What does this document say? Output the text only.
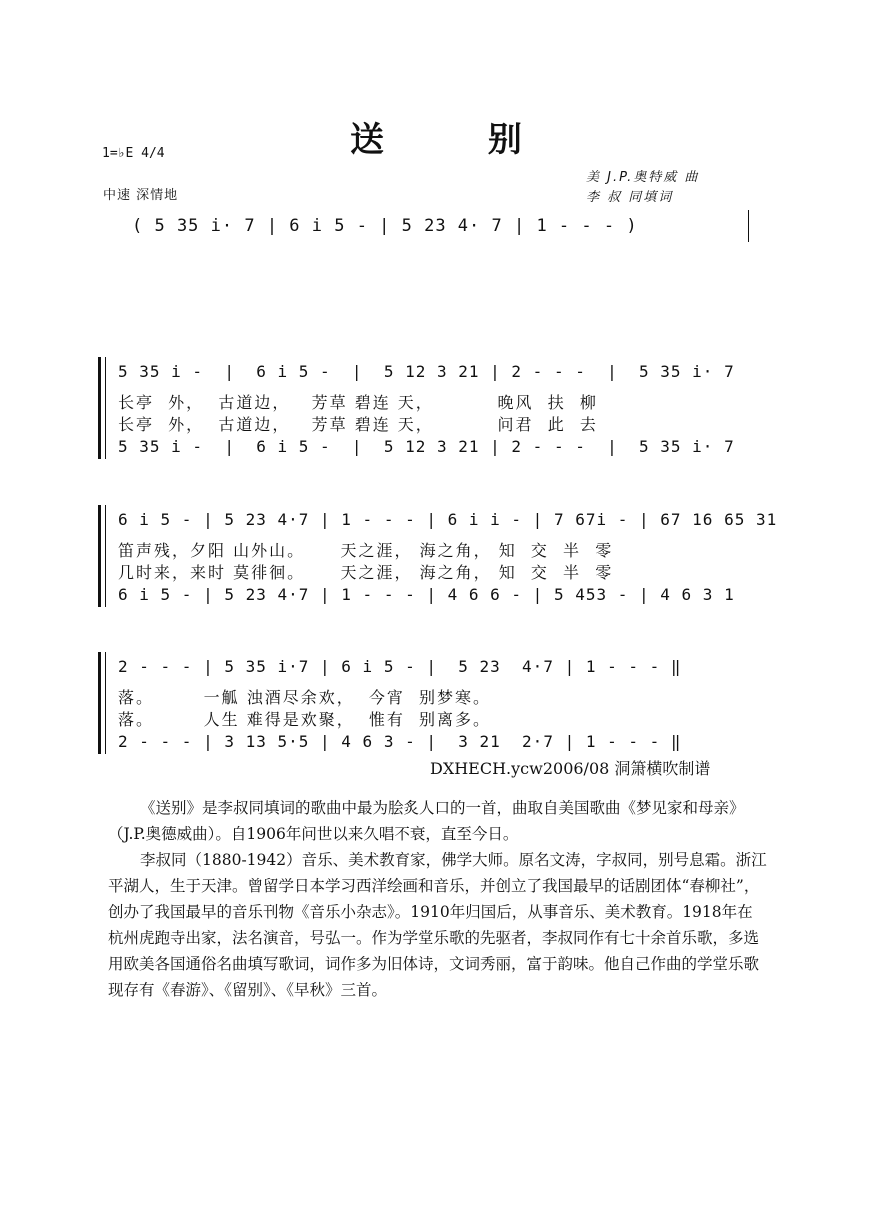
送 别
1=♭E 4/4
中速 深情地
美 J.P.奥特威 曲
李 叔 同填词
( 5 35 i· 7 | 6 i 5 - | 5 23 4· 7 | 1 - - - )
5 35 i -  |  6 i 5 -  |  5 12 3 21 | 2 - - -  |  5 35 i· 7
长亭  外，  古道边，   芳草 碧连 天，         晚风  扶  柳
长亭  外，  古道边，   芳草 碧连 天，         问君  此  去
5 35 i -  |  6 i 5 -  |  5 12 3 21 | 2 - - -  |  5 35 i· 7
6 i 5 - | 5 23 4·7 | 1 - - - | 6 i i - | 7 67i - | 67 16 65 31
笛声残，夕阳 山外山。     天之涯， 海之角， 知  交  半  零
几时来，来时 莫徘徊。     天之涯， 海之角， 知  交  半  零
6 i 5 - | 5 23 4·7 | 1 - - - | 4 6 6 - | 5 453 - | 4 6 3 1
2 - - - | 5 35 i·7 | 6 i 5 - |  5 23  4·7 | 1 - - - ‖
落。       一觚 浊酒尽余欢，  今宵  别梦寒。
落。       人生 难得是欢聚，  惟有  别离多。
2 - - - | 3 13 5·5 | 4 6 3 - |  3 21  2·7 | 1 - - - ‖
DXHECH.ycw2006/08 洞箫横吹制谱
《送别》是李叔同填词的歌曲中最为脍炙人口的一首，曲取自美国歌曲《梦见家和母亲》（J.P.奥德威曲）。自1906年问世以来久唱不衰，直至今日。
李叔同（1880-1942）音乐、美术教育家，佛学大师。原名文涛，字叔同，别号息霜。浙江平湖人，生于天津。曾留学日本学习西洋绘画和音乐，并创立了我国最早的话剧团体“春柳社”，创办了我国最早的音乐刊物《音乐小杂志》。1910年归国后，从事音乐、美术教育。1918年在杭州虎跑寺出家，法名演音，号弘一。作为学堂乐歌的先驱者，李叔同作有七十余首乐歌，多选用欧美各国通俗名曲填写歌词，词作多为旧体诗，文词秀丽，富于韵味。他自己作曲的学堂乐歌现存有《春游》、《留别》、《早秋》三首。
